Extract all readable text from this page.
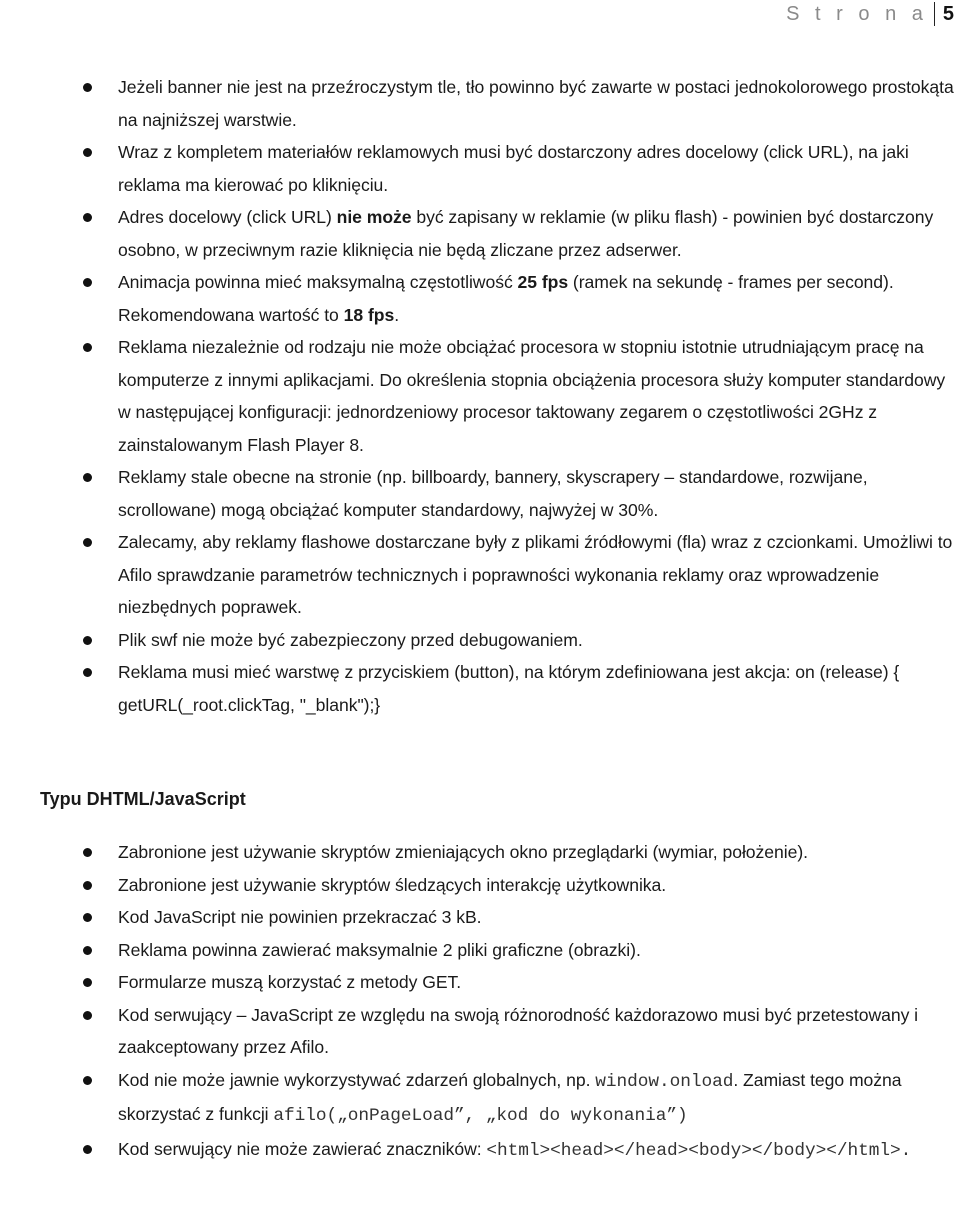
S t r o n a 5
Jeżeli banner nie jest na przeźroczystym tle, tło powinno być zawarte w postaci jednokolorowego prostokąta na najniższej warstwie.
Wraz z kompletem materiałów reklamowych musi być dostarczony adres docelowy (click URL), na jaki reklama ma kierować po kliknięciu.
Adres docelowy (click URL) nie może być zapisany w reklamie (w pliku flash) - powinien być dostarczony osobno, w przeciwnym razie kliknięcia nie będą zliczane przez adserwer.
Animacja powinna mieć maksymalną częstotliwość 25 fps (ramek na sekundę - frames per second). Rekomendowana wartość to 18 fps.
Reklama niezależnie od rodzaju nie może obciążać procesora w stopniu istotnie utrudniającym pracę na komputerze z innymi aplikacjami. Do określenia stopnia obciążenia procesora służy komputer standardowy w następującej konfiguracji: jednordzeniowy procesor taktowany zegarem o częstotliwości 2GHz z zainstalowanym Flash Player 8.
Reklamy stale obecne na stronie (np. billboardy, bannery, skyscrapery – standardowe, rozwijane, scrollowane) mogą obciążać komputer standardowy, najwyżej w 30%.
Zalecamy, aby reklamy flashowe dostarczane były z plikami źródłowymi (fla) wraz z czcionkami. Umożliwi to Afilo sprawdzanie parametrów technicznych i poprawności wykonania reklamy oraz wprowadzenie niezbędnych poprawek.
Plik swf nie może być zabezpieczony przed debugowaniem.
Reklama musi mieć warstwę z przyciskiem (button), na którym zdefiniowana jest akcja: on (release) { getURL(_root.clickTag, "_blank");}
Typu DHTML/JavaScript
Zabronione jest używanie skryptów zmieniających okno przeglądarki (wymiar, położenie).
Zabronione jest używanie skryptów śledzących interakcję użytkownika.
Kod JavaScript nie powinien przekraczać 3 kB.
Reklama powinna zawierać maksymalnie 2 pliki graficzne (obrazki).
Formularze muszą korzystać z metody GET.
Kod serwujący – JavaScript ze względu na swoją różnorodność każdorazowo musi być przetestowany i zaakceptowany przez Afilo.
Kod nie może jawnie wykorzystywać zdarzeń globalnych, np. window.onload. Zamiast tego można skorzystać z funkcji afilo(„onPageLoad”, „kod do wykonania”)
Kod serwujący nie może zawierać znaczników: <html><head></head><body></body></html>.
